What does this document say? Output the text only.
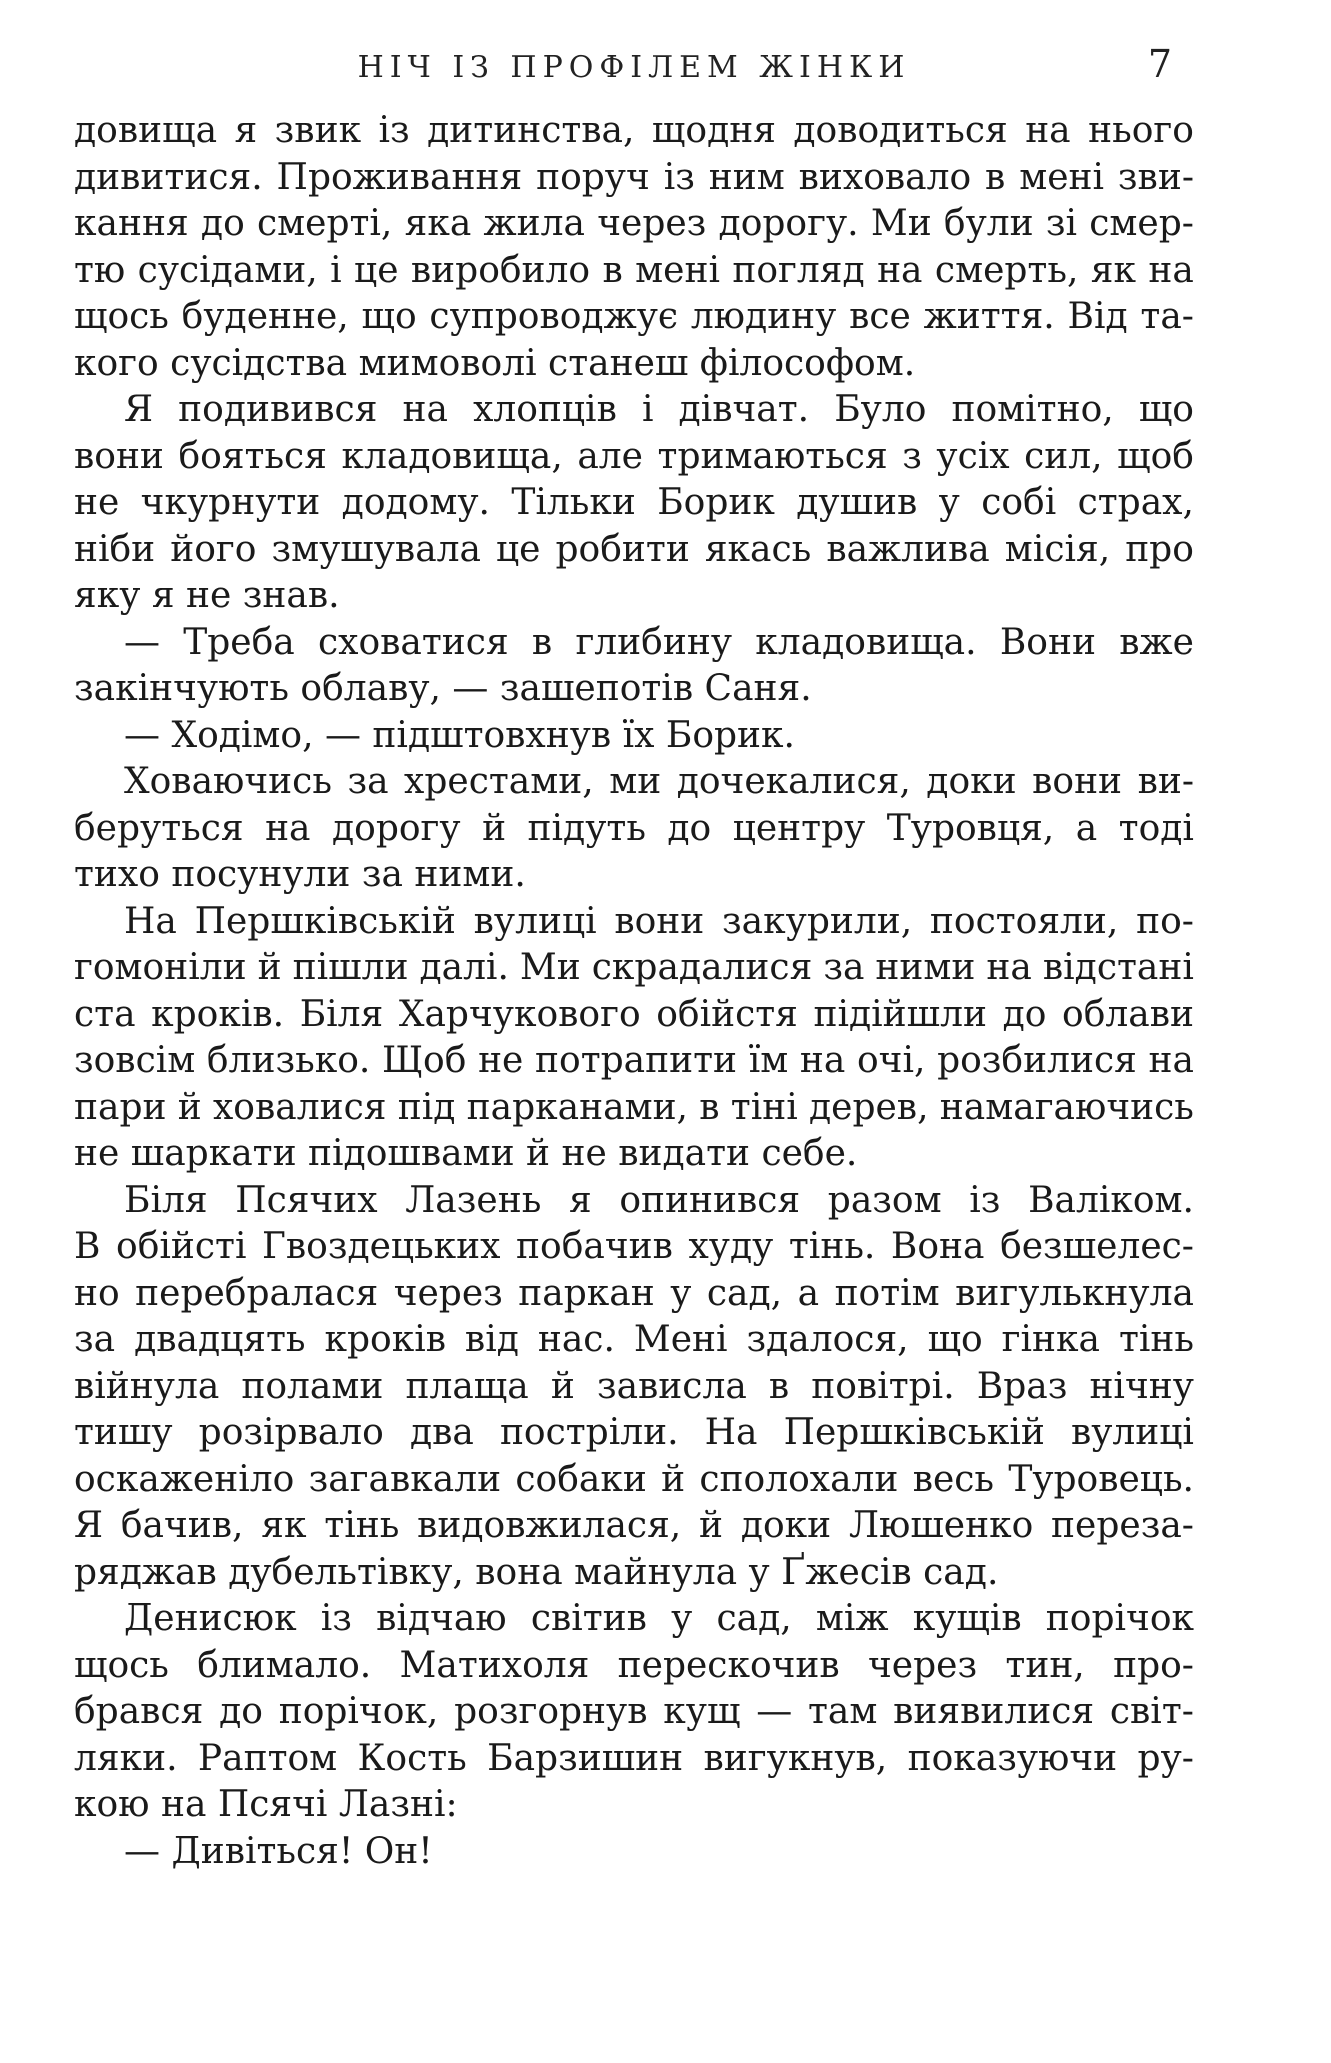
НІЧ ІЗ ПРОФІЛЕМ ЖІНКИ	7
довища я звик із дитинства, щодня доводиться на нього
дивитися. Проживання поруч із ним виховало в мені зви-
кання до смерті, яка жила через дорогу. Ми були зі смер-
тю сусідами, і це виробило в мені погляд на смерть, як на
щось буденне, що супроводжує людину все життя. Від та-
кого сусідства мимоволі станеш філософом.
Я подивився на хлопців і дівчат. Було помітно, що
вони бояться кладовища, але тримаються з усіх сил, щоб
не чкурнути додому. Тільки Борик душив у собі страх,
ніби його змушувала це робити якась важлива місія, про
яку я не знав.
— Треба сховатися в глибину кладовища. Вони вже
закінчують облаву, — зашепотів Саня.
— Ходімо, — підштовхнув їх Борик.
Ховаючись за хрестами, ми дочекалися, доки вони ви-
беруться на дорогу й підуть до центру Туровця, а тоді
тихо посунули за ними.
На Першківській вулиці вони закурили, постояли, по-
гомоніли й пішли далі. Ми скрадалися за ними на відстані
ста кроків. Біля Харчукового обійстя підійшли до облави
зовсім близько. Щоб не потрапити їм на очі, розбилися на
пари й ховалися під парканами, в тіні дерев, намагаючись
не шаркати підошвами й не видати себе.
Біля Псячих Лазень я опинився разом із Валіком.
В обійсті Гвоздецьких побачив худу тінь. Вона безшелес-
но перебралася через паркан у сад, а потім вигулькнула
за двадцять кроків від нас. Мені здалося, що гінка тінь
війнула полами плаща й зависла в повітрі. Враз нічну
тишу розірвало два постріли. На Першківській вулиці
оскаженіло загавкали собаки й сполохали весь Туровець.
Я бачив, як тінь видовжилася, й доки Люшенко переза-
ряджав дубельтівку, вона майнула у Ґжесів сад.
Денисюк із відчаю світив у сад, між кущів порічок
щось блимало. Матихоля перескочив через тин, про-
брався до порічок, розгорнув кущ — там виявилися світ-
ляки. Раптом Кость Барзишин вигукнув, показуючи ру-
кою на Псячі Лазні:
— Дивіться! Он!
